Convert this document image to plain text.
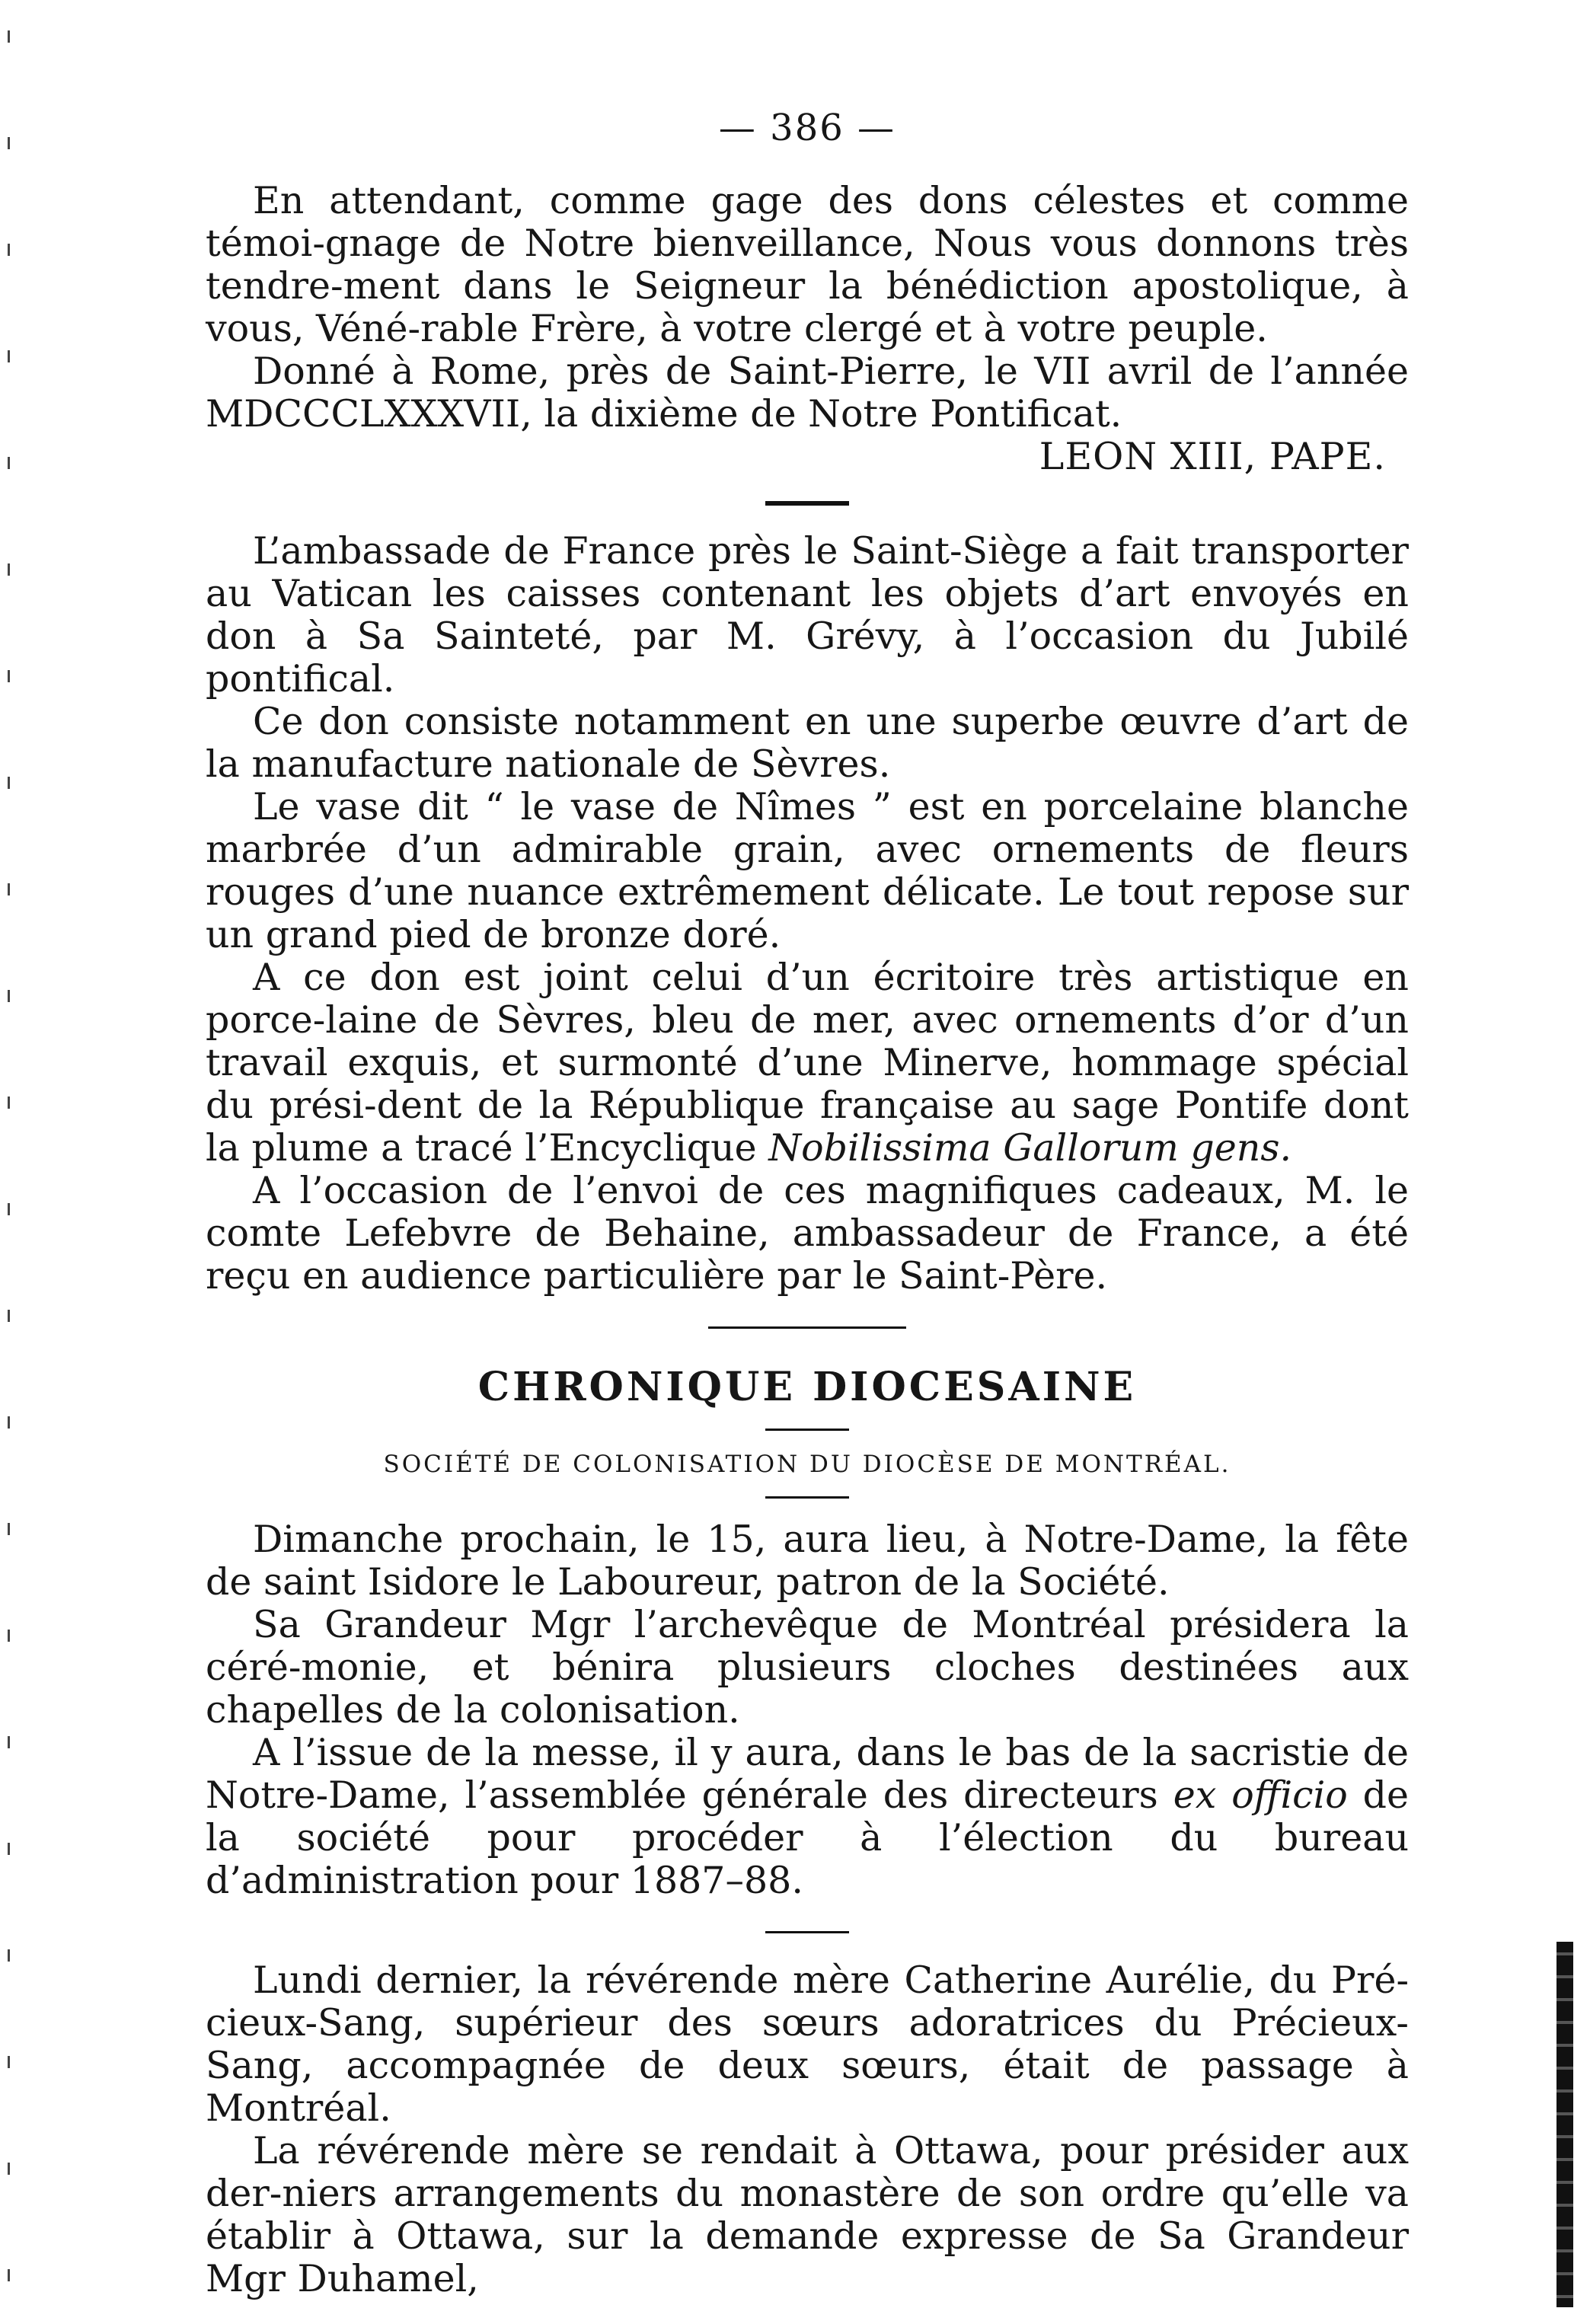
— 386 —

En attendant, comme gage des dons célestes et comme témoi-gnage de Notre bienveillance, Nous vous donnons très tendre-ment dans le Seigneur la bénédiction apostolique, à vous, Véné-rable Frère, à votre clergé et à votre peuple.

Donné à Rome, près de Saint-Pierre, le VII avril de l’année MDCCCLXXXVII, la dixième de Notre Pontificat.

LEON XIII, PAPE.

L’ambassade de France près le Saint-Siège a fait transporter au Vatican les caisses contenant les objets d’art envoyés en don à Sa Sainteté, par M. Grévy, à l’occasion du Jubilé pontifical.

Ce don consiste notamment en une superbe œuvre d’art de la manufacture nationale de Sèvres.

Le vase dit “ le vase de Nîmes ” est en porcelaine blanche marbrée d’un admirable grain, avec ornements de fleurs rouges d’une nuance extrêmement délicate. Le tout repose sur un grand pied de bronze doré.

A ce don est joint celui d’un écritoire très artistique en porce-laine de Sèvres, bleu de mer, avec ornements d’or d’un travail exquis, et surmonté d’une Minerve, hommage spécial du prési-dent de la République française au sage Pontife dont la plume a tracé l’Encyclique Nobilissima Gallorum gens.

A l’occasion de l’envoi de ces magnifiques cadeaux, M. le comte Lefebvre de Behaine, ambassadeur de France, a été reçu en audience particulière par le Saint-Père.

CHRONIQUE DIOCESAINE
SOCIÉTÉ DE COLONISATION DU DIOCÈSE DE MONTRÉAL.

Dimanche prochain, le 15, aura lieu, à Notre-Dame, la fête de saint Isidore le Laboureur, patron de la Société.

Sa Grandeur Mgr l’archevêque de Montréal présidera la céré-monie, et bénira plusieurs cloches destinées aux chapelles de la colonisation.

A l’issue de la messe, il y aura, dans le bas de la sacristie de Notre-Dame, l’assemblée générale des directeurs ex officio de la société pour procéder à l’élection du bureau d’administration pour 1887–88.

Lundi dernier, la révérende mère Catherine Aurélie, du Pré-cieux-Sang, supérieur des sœurs adoratrices du Précieux-Sang, accompagnée de deux sœurs, était de passage à Montréal.

La révérende mère se rendait à Ottawa, pour présider aux der-niers arrangements du monastère de son ordre qu’elle va établir à Ottawa, sur la demande expresse de Sa Grandeur Mgr Duhamel,
